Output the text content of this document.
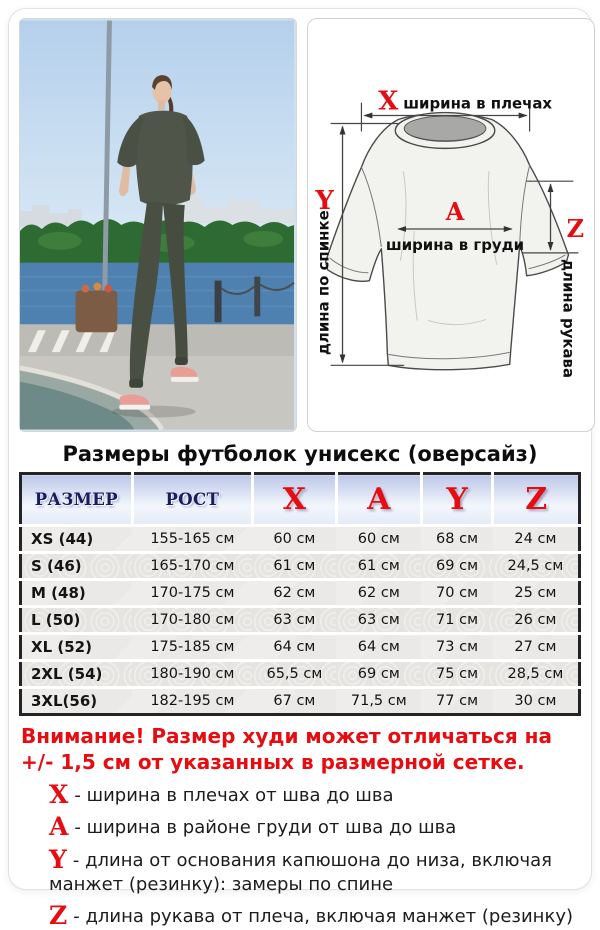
X ширина в плечах
Y
длина по спинке	A
ширина в груди
Z
длина рукава
Размеры футболок унисекс (оверсайз)
РАЗМЕР	РОСТ	X	A	Y	Z
XS (44)	155-165 см	60 см	60 см	68 см	24 см
S (46)	165-170 см	61 см	61 см	69 см	24,5 см
M (48)	170-175 см	62 см	62 см	70 см	25 см
L (50)	170-180 см	63 см	63 см	71 см	26 см
XL (52)	175-185 см	64 см	64 см	73 см	27 см
2XL (54)	180-190 см	65,5 см	69 см	75 см	28,5 см
3XL(56)	182-195 см	67 см	71,5 см	77 см	30 см
Внимание! Размер худи может отличаться на +/- 1,5 см от указанных в размерной сетке.
X - ширина в плечах от шва до шва
A - ширина в районе груди от шва до шва
Y - длина от основания капюшона до низа, включая манжет (резинку): замеры по спине
Z - длина рукава от плеча, включая манжет (резинку)
